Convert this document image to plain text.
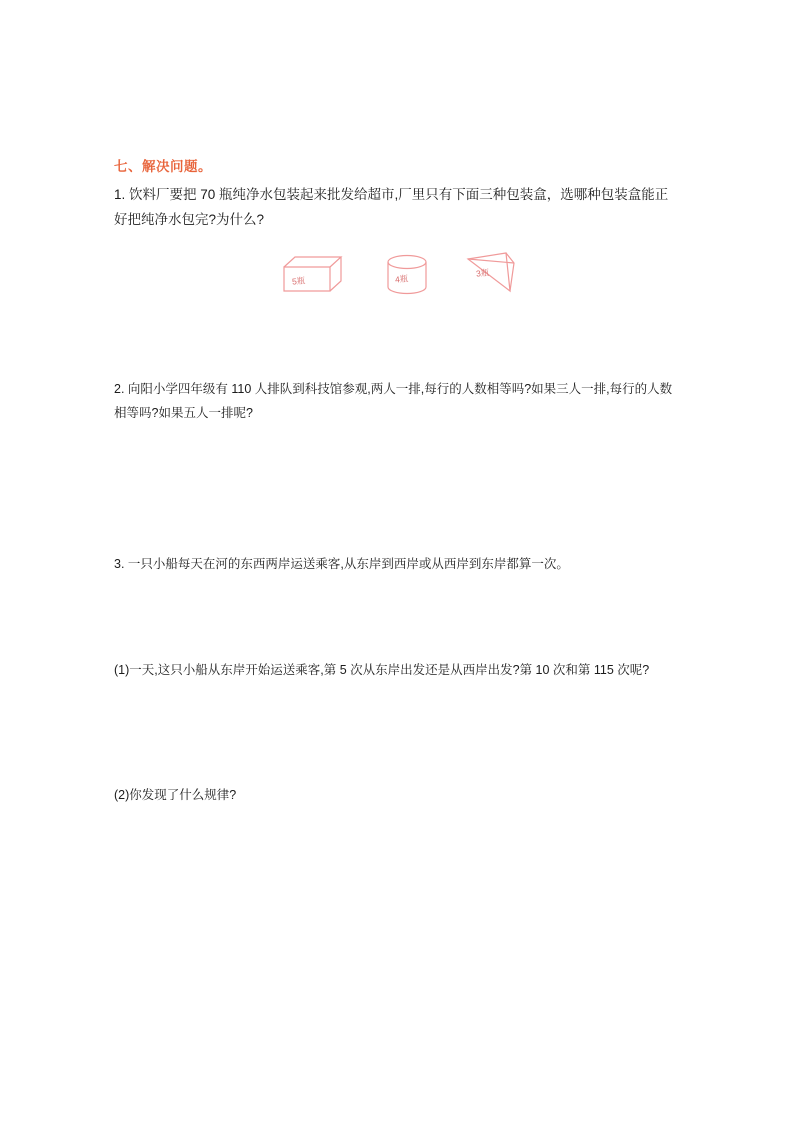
七、解决问题。
1. 饮料厂要把 70 瓶纯净水包装起来批发给超市,厂里只有下面三种包装盒，选哪种包装盒能正好把纯净水包完?为什么?
5瓶	4瓶
3瓶
2. 向阳小学四年级有 110 人排队到科技馆参观,两人一排,每行的人数相等吗?如果三人一排,每行的人数相等吗?如果五人一排呢?
3. 一只小船每天在河的东西两岸运送乘客,从东岸到西岸或从西岸到东岸都算一次。
(1)一天,这只小船从东岸开始运送乘客,第 5 次从东岸出发还是从西岸出发?第 10 次和第 115 次呢?
(2)你发现了什么规律?
